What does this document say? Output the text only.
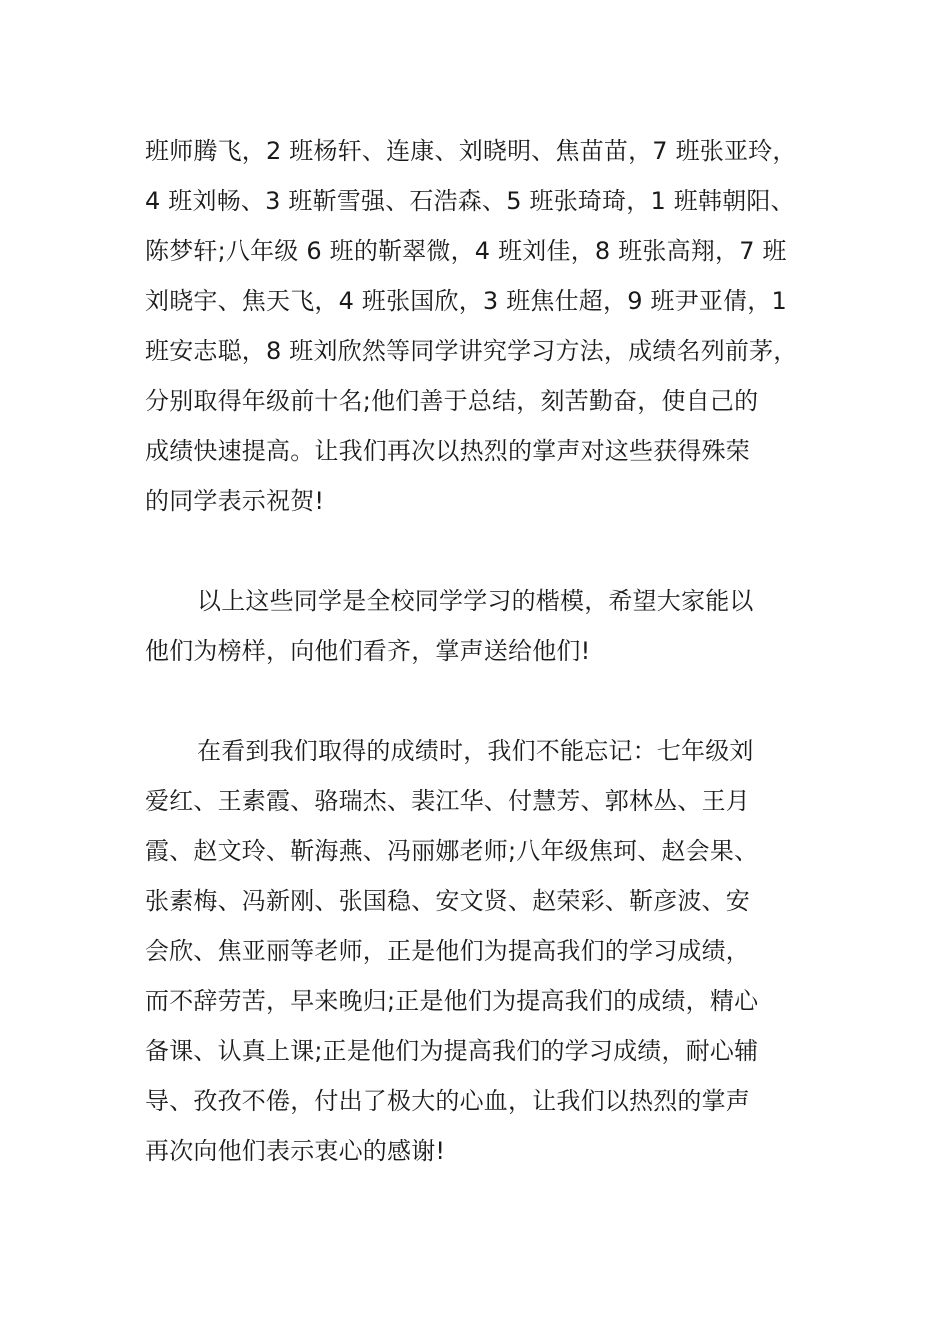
班师腾飞，2 班杨轩、连康、刘晓明、焦苗苗，7 班张亚玲，
4 班刘畅、3 班靳雪强、石浩森、5 班张琦琦，1 班韩朝阳、
陈梦轩;八年级 6 班的靳翠微，4 班刘佳，8 班张高翔，7 班
刘晓宇、焦天飞，4 班张国欣，3 班焦仕超，9 班尹亚倩，1
班安志聪，8 班刘欣然等同学讲究学习方法，成绩名列前茅，
分别取得年级前十名;他们善于总结，刻苦勤奋，使自己的
成绩快速提高。让我们再次以热烈的掌声对这些获得殊荣
的同学表示祝贺!
以上这些同学是全校同学学习的楷模，希望大家能以
他们为榜样，向他们看齐，掌声送给他们!
在看到我们取得的成绩时，我们不能忘记：七年级刘
爱红、王素霞、骆瑞杰、裴江华、付慧芳、郭林丛、王月
霞、赵文玲、靳海燕、冯丽娜老师;八年级焦珂、赵会果、
张素梅、冯新刚、张国稳、安文贤、赵荣彩、靳彦波、安
会欣、焦亚丽等老师，正是他们为提高我们的学习成绩，
而不辞劳苦，早来晚归;正是他们为提高我们的成绩，精心
备课、认真上课;正是他们为提高我们的学习成绩，耐心辅
导、孜孜不倦，付出了极大的心血，让我们以热烈的掌声
再次向他们表示衷心的感谢!
